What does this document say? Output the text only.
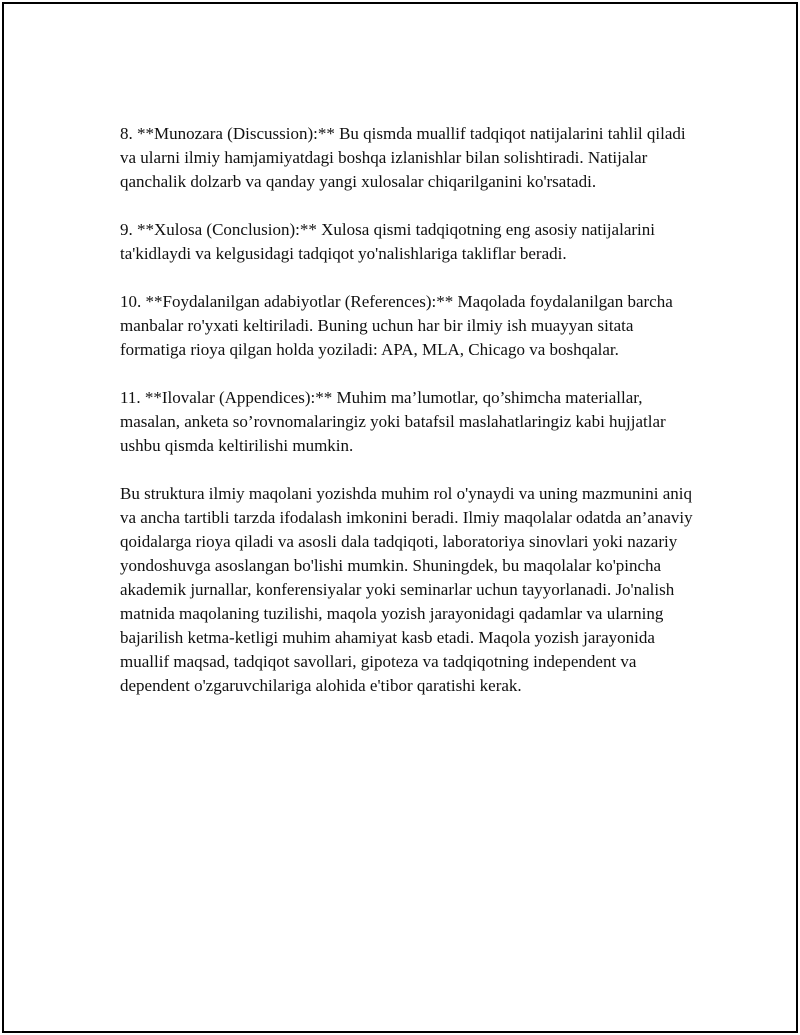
8. **Munozara (Discussion):** Bu qismda muallif tadqiqot natijalarini tahlil qiladi va ularni ilmiy hamjamiyatdagi boshqa izlanishlar bilan solishtiradi. Natijalar qanchalik dolzarb va qanday yangi xulosalar chiqarilganini ko'rsatadi.

9. **Xulosa (Conclusion):** Xulosa qismi tadqiqotning eng asosiy natijalarini ta'kidlaydi va kelgusidagi tadqiqot yo'nalishlariga takliflar beradi.

10. **Foydalanilgan adabiyotlar (References):** Maqolada foydalanilgan barcha manbalar ro'yxati keltiriladi. Buning uchun har bir ilmiy ish muayyan sitata formatiga rioya qilgan holda yoziladi: APA, MLA, Chicago va boshqalar.

11. **Ilovalar (Appendices):** Muhim ma’lumotlar, qo’shimcha materiallar, masalan, anketa so’rovnomalaringiz yoki batafsil maslahatlaringiz kabi hujjatlar ushbu qismda keltirilishi mumkin.

Bu struktura ilmiy maqolani yozishda muhim rol o'ynaydi va uning mazmunini aniq va ancha tartibli tarzda ifodalash imkonini beradi. Ilmiy maqolalar odatda an’anaviy qoidalarga rioya qiladi va asosli dala tadqiqoti, laboratoriya sinovlari yoki nazariy yondoshuvga asoslangan bo'lishi mumkin. Shuningdek, bu maqolalar ko'pincha akademik jurnallar, konferensiyalar yoki seminarlar uchun tayyorlanadi. Jo'nalish matnida maqolaning tuzilishi, maqola yozish jarayonidagi qadamlar va ularning bajarilish ketma-ketligi muhim ahamiyat kasb etadi. Maqola yozish jarayonida muallif maqsad, tadqiqot savollari, gipoteza va tadqiqotning independent va dependent o'zgaruvchilariga alohida e'tibor qaratishi kerak.
